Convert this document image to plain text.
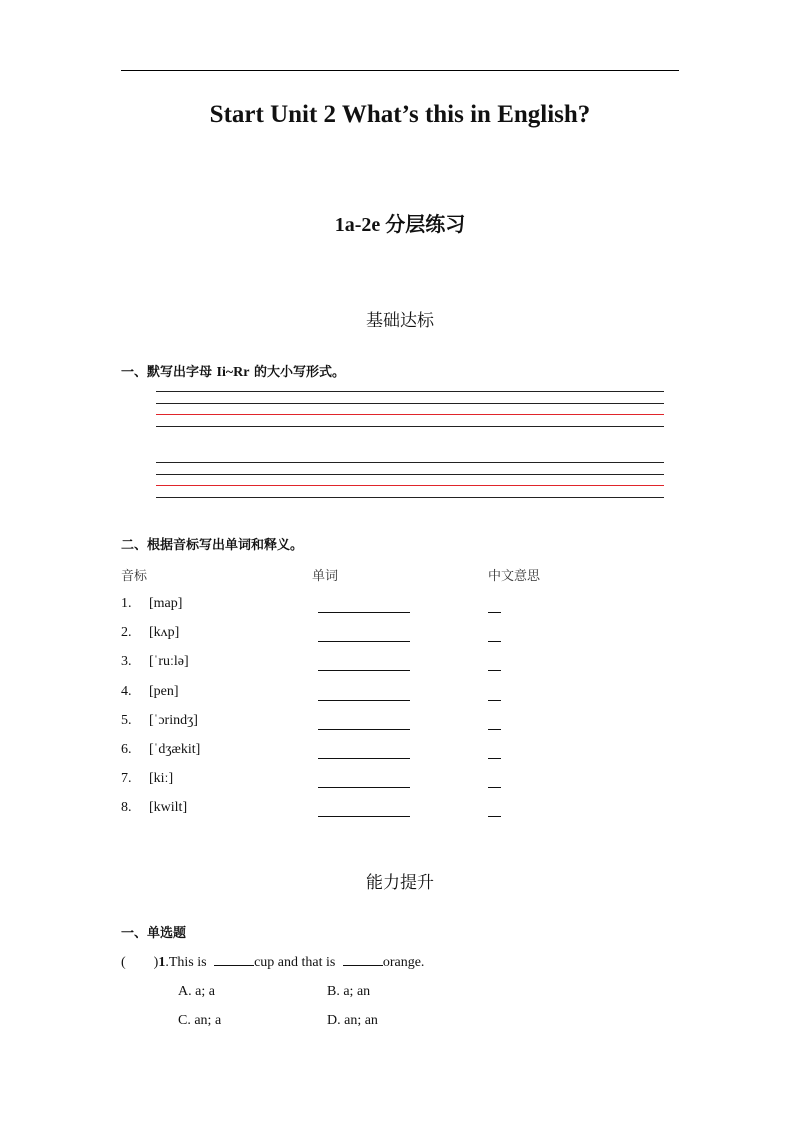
Start Unit 2 What’s this in English?
1a-2e 分层练习
基础达标
一、默写出字母 Ii~Rr 的大小写形式。
二、根据音标写出单词和释义。
音标	单词	中文意思
1. [map]
2. [kʌp]
3. [ˈruːlə]
4. [pen]
5. [ˈɔrindʒ]
6. [ˈdʒækit]
7. [kiː]
8. [kwilt]
能力提升
一、单选题
( )1.This is	cup and that is	orange.
A. a; a	B. a; an
C. an; a	D. an; an
